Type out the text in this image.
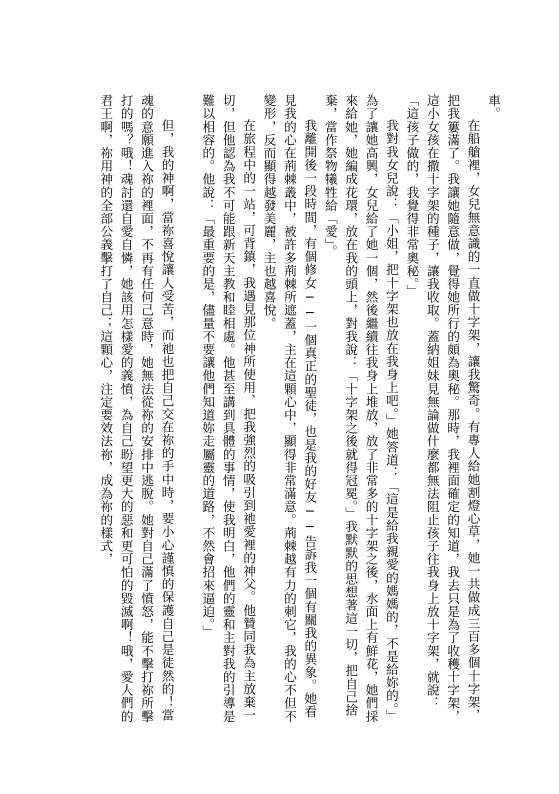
車。

在船艙裡，女兒無意識的一直做十字架，讓我驚奇。有專人給她割燈心草，她一共做成三百多個十字架，把我簍滿了。我讓她隨意做，覺得她所行的頗為奧秘。那時，我裡面確定的知道，我去只是為了收穫十字架，這小女孩在撒十字架的種子，讓我收取。蓋納姐妹見無論做什麼都無法阻止孩子往我身上放十字架，就說：「這孩子做的，我覺得非常奧秘。」

我對我女兒說：「小姐，把十字架也放在我身上吧。」她答道：「這是給我親愛的媽媽的，不是給妳的。」為了讓她高興，女兒給了她一個，然後繼續往我身上堆放，放了非常多的十字架之後，水面上有鮮花，她們採來給她，她編成花環，放在我的頭上，對我說：「十字架之後就得冠冕。」我默默的思想著這一切，把自己捨棄，當作祭物犧牲給「愛」。

我離開後一段時間，有個修女──一個真正的聖徒，也是我的好友──告訴我一個有關我的異象。她看見我的心在荊棘叢中，被許多荊棘所遮蓋，主在這顆心中，顯得非常滿意。荊棘越有力的刺它，我的心不但不變形，反而顯得越發美麗，主也越喜悅。

在旅程中的一站，可背鎮，我遇見那位神所使用、把我強烈的吸引到祂愛裡的神父。他贊同我為主放棄一切，但他認為我不可能跟新天主教和睦相處。他甚至講到具體的事情，使我明白，他們的靈和主對我的引導是難以相容的。他說：「最重要的是，儘量不要讓他們知道妳走屬靈的道路，不然會招來逼迫。」

但，我的神啊，當祢喜悅讓人受苦，而祂也把自己交在祢的手中時，要小心謹慎的保護自己是徒然的！當魂的意願進入祢的裡面，不再有任何己意時，她無法從祢的安排中逃脫。她對自己滿了憤怒，能不擊打祢所擊打的嗎？哦！魂討還自愛自憐，她該用怎樣愛的義憤，為自己盼望更大的惡和更可怕的毀滅啊！哦，愛人們的君王啊，祢用神的全部公義擊打了自己；這顆心，注定要效法祢，成為祢的樣式，
